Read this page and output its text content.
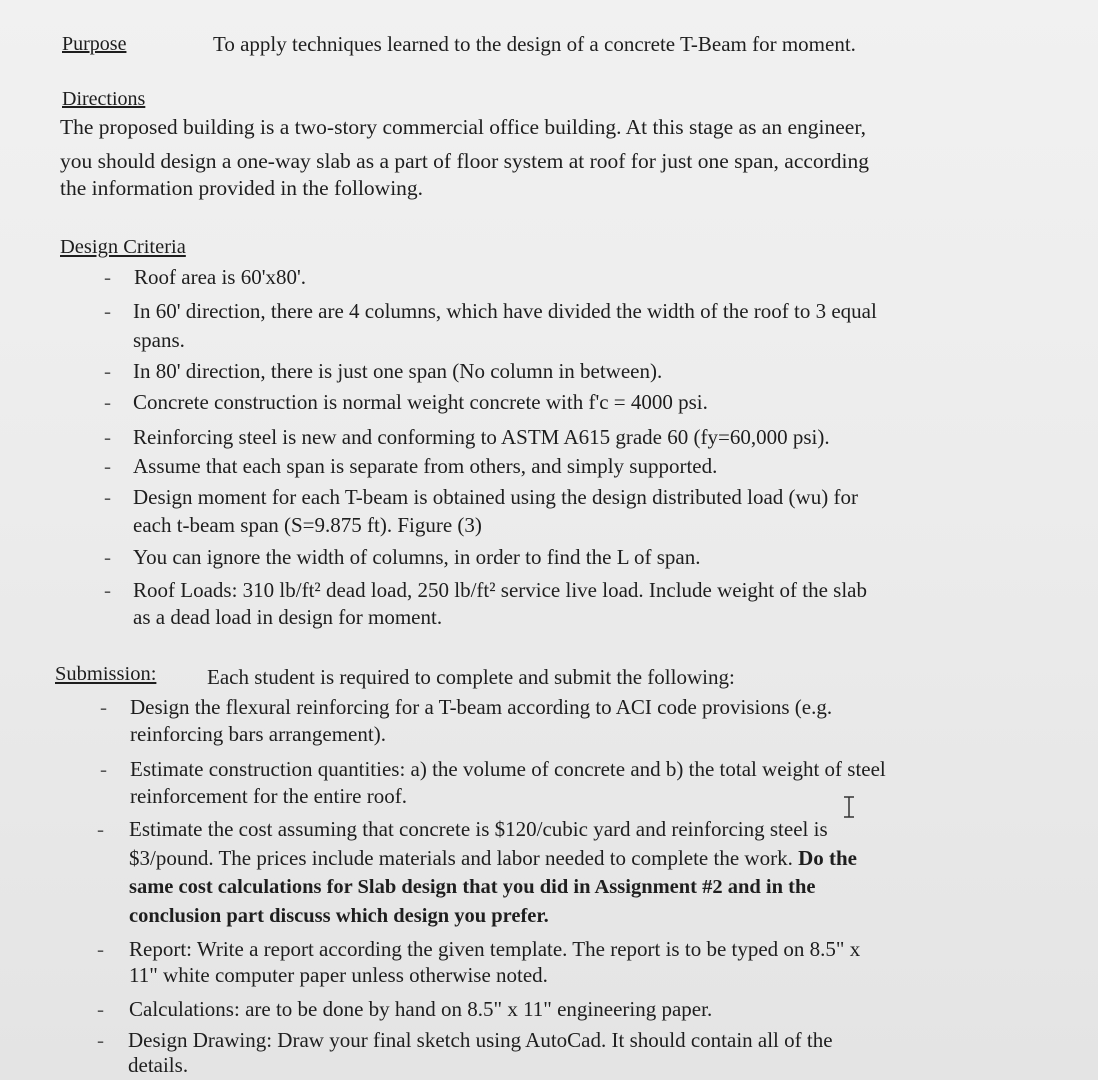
Purpose	To apply techniques learned to the design of a concrete T-Beam for moment.
Directions
The proposed building is a two-story commercial office building. At this stage as an engineer,
you should design a one-way slab as a part of floor system at roof for just one span, according
the information provided in the following.
Design Criteria
- Roof area is 60'x80'.
- In 60' direction, there are 4 columns, which have divided the width of the roof to 3 equal
spans.
- In 80' direction, there is just one span (No column in between).
- Concrete construction is normal weight concrete with f'c = 4000 psi.
- Reinforcing steel is new and conforming to ASTM A615 grade 60 (fy=60,000 psi).
- Assume that each span is separate from others, and simply supported.
- Design moment for each T-beam is obtained using the design distributed load (wu) for
each t-beam span (S=9.875 ft). Figure (3)
- You can ignore the width of columns, in order to find the L of span.
- Roof Loads: 310 lb/ft² dead load, 250 lb/ft² service live load. Include weight of the slab
as a dead load in design for moment.
Submission: Each student is required to complete and submit the following:
- Design the flexural reinforcing for a T-beam according to ACI code provisions (e.g.
reinforcing bars arrangement).
- Estimate construction quantities: a) the volume of concrete and b) the total weight of steel
reinforcement for the entire roof.
- Estimate the cost assuming that concrete is $120/cubic yard and reinforcing steel is
$3/pound. The prices include materials and labor needed to complete the work. Do the
same cost calculations for Slab design that you did in Assignment #2 and in the
conclusion part discuss which design you prefer.
- Report: Write a report according the given template. The report is to be typed on 8.5" x
11" white computer paper unless otherwise noted.
- Calculations: are to be done by hand on 8.5" x 11" engineering paper.
- Design Drawing: Draw your final sketch using AutoCad. It should contain all of the
details.
